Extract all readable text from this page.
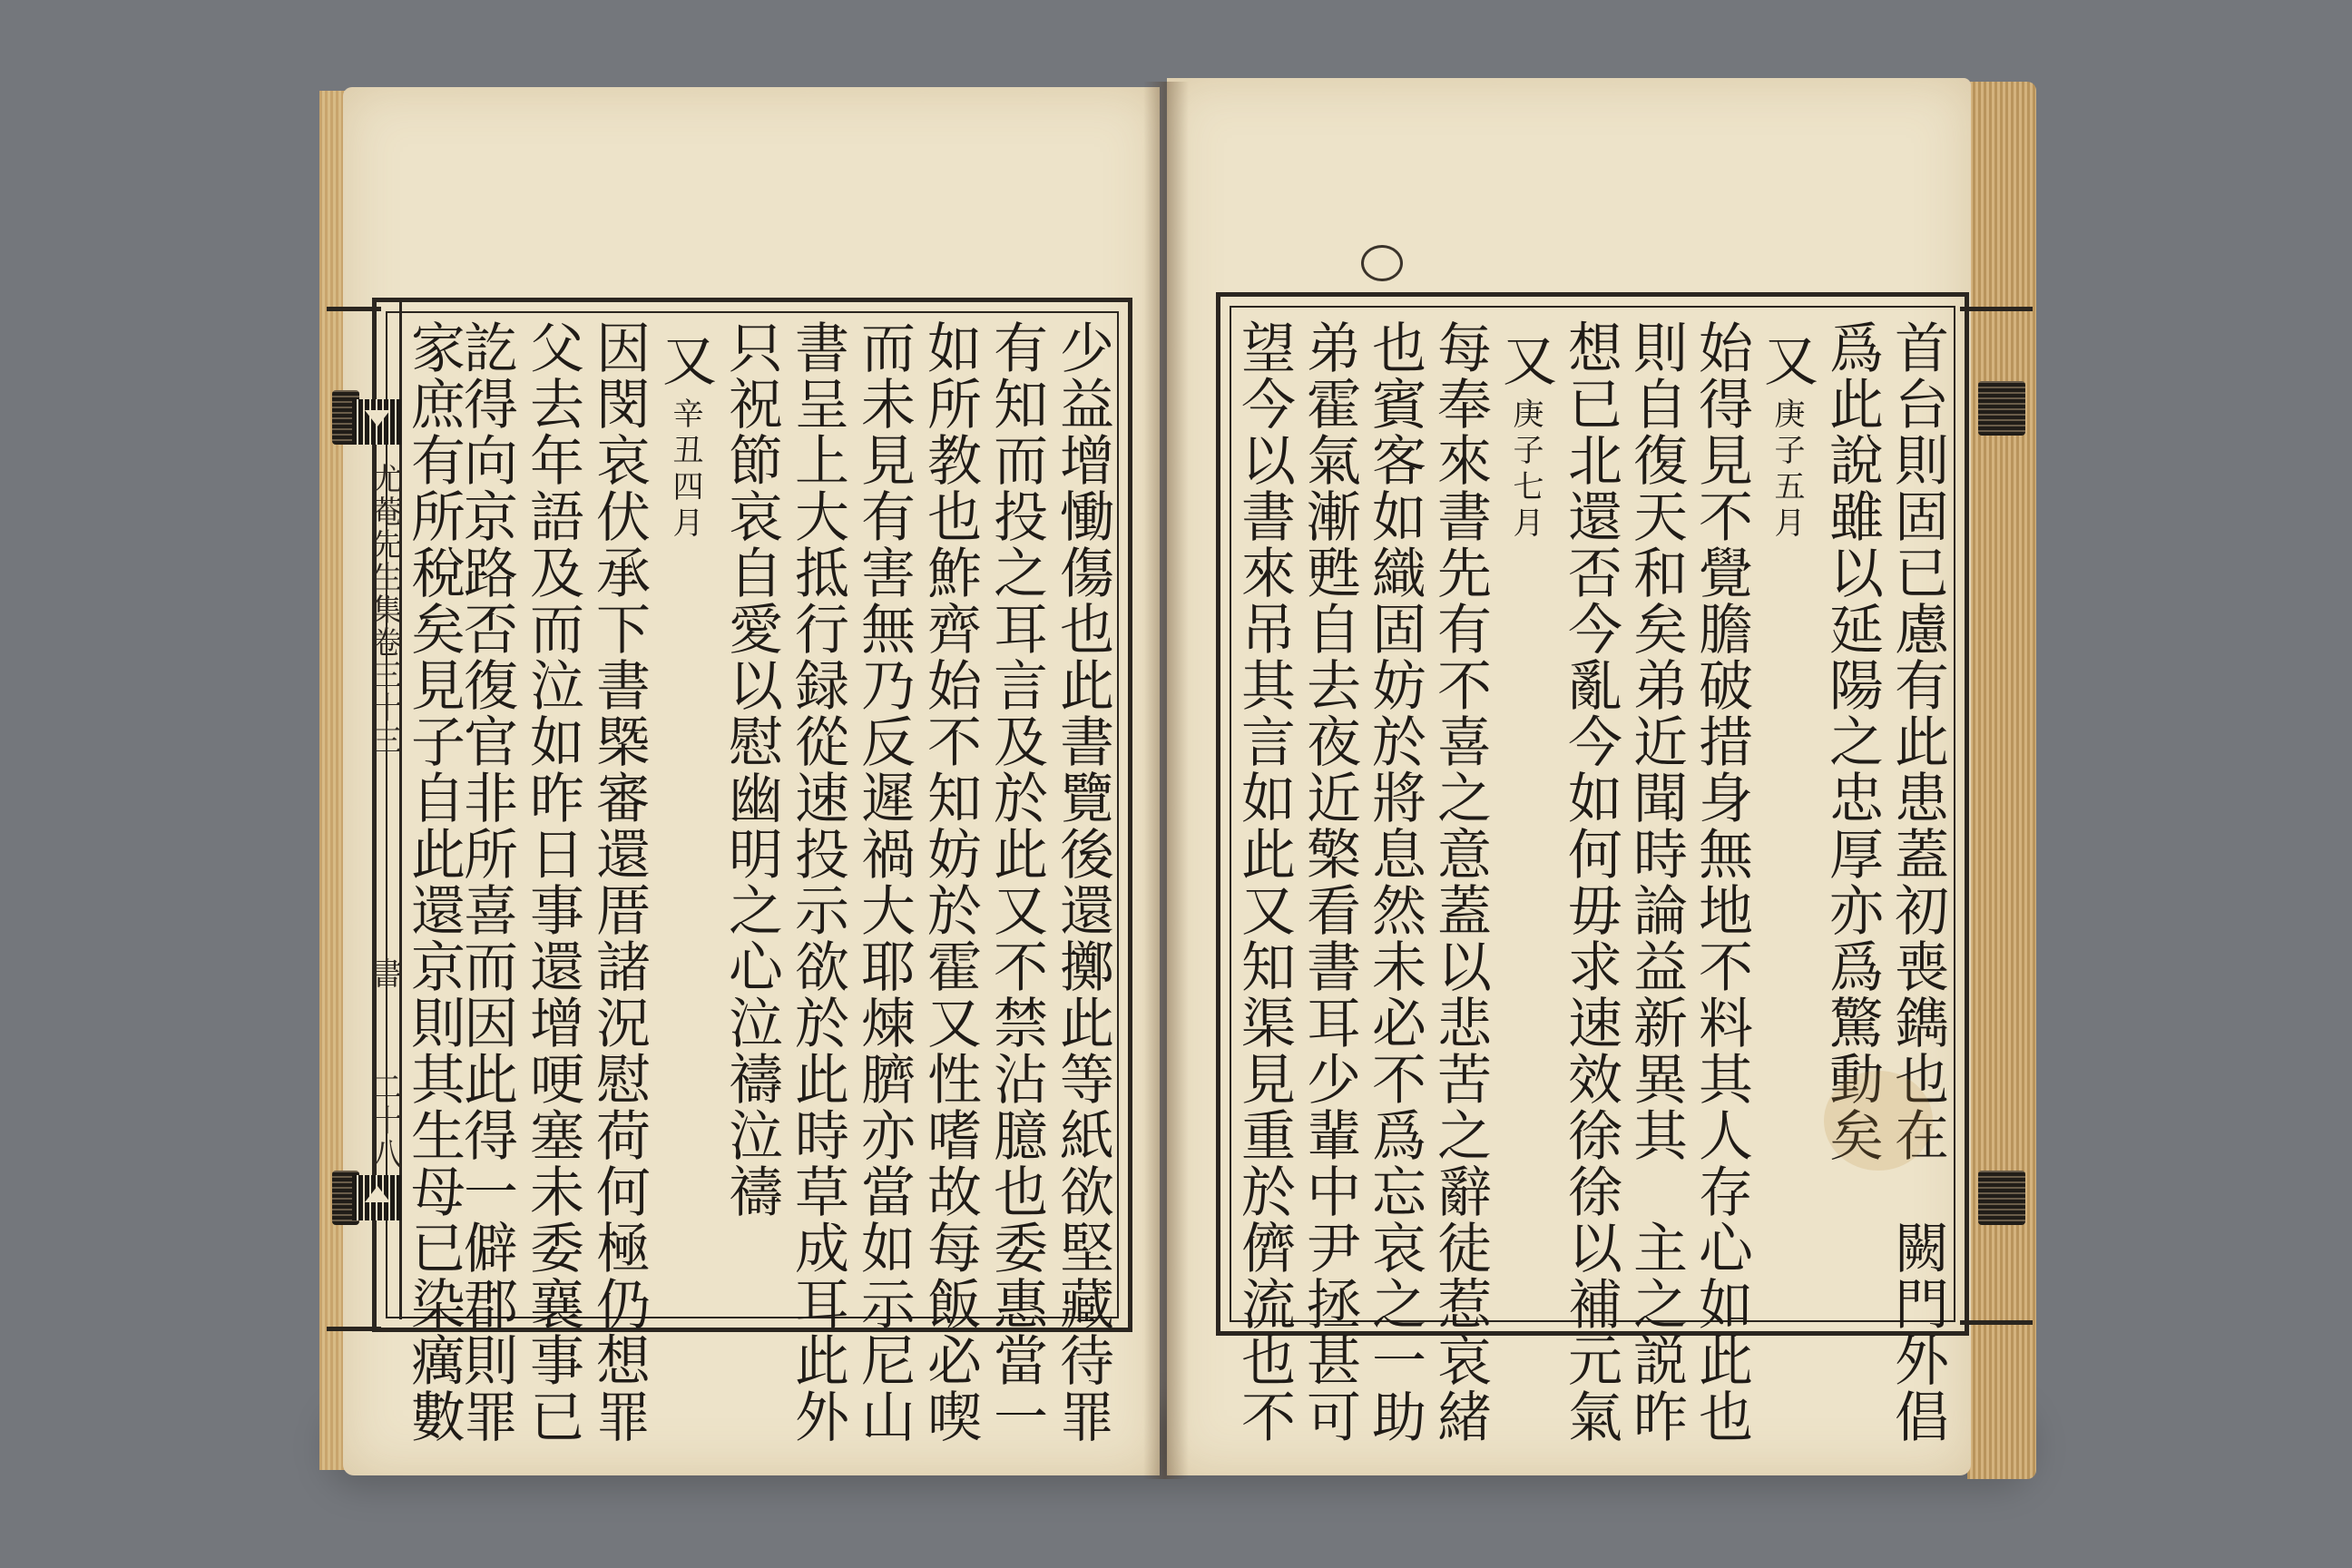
尤菴先生集卷三十三
書
二十八	少益增慟傷也此書覽後還擲此等紙欲堅藏待罪
有知而投之耳言及於此又不禁沾臆也委惠當一
如所教也鮓齊始不知妨於霍又性嗜故每飯必喫
而未見有害無乃反遲禍大耶煉臍亦當如示尼山
書呈上大抵行録從速投示欲於此時草成耳此外
只祝節哀自愛以慰幽明之心泣禱泣禱
又辛丑四月
因閔哀伏承下書槩審還厝諸況慰荷何極仍想罪
父去年語及而泣如昨日事還增哽塞未委襄事已
訖得向京路否復官非所喜而因此得一僻郡則罪
家庶有所稅矣見子自此還京則其生母已染癘數	首台則固已慮有此患蓋初喪鐫也在　闕門外倡
爲此說雖以延陽之忠厚亦爲驚動矣
又庚子五月
始得見不覺膽破措身無地不料其人存心如此也
則自復天和矣弟近聞時論益新異其　主之説昨
想已北還否今亂今如何毋求速效徐徐以補元氣
又庚子七月
每奉來書先有不喜之意蓋以悲苦之辭徒惹哀緒
也賓客如織固妨於將息然未必不爲忘哀之一助
弟霍氣漸甦自去夜近檠看書耳少輩中尹拯甚可
望今以書來吊其言如此又知渠見重於儕流也不
